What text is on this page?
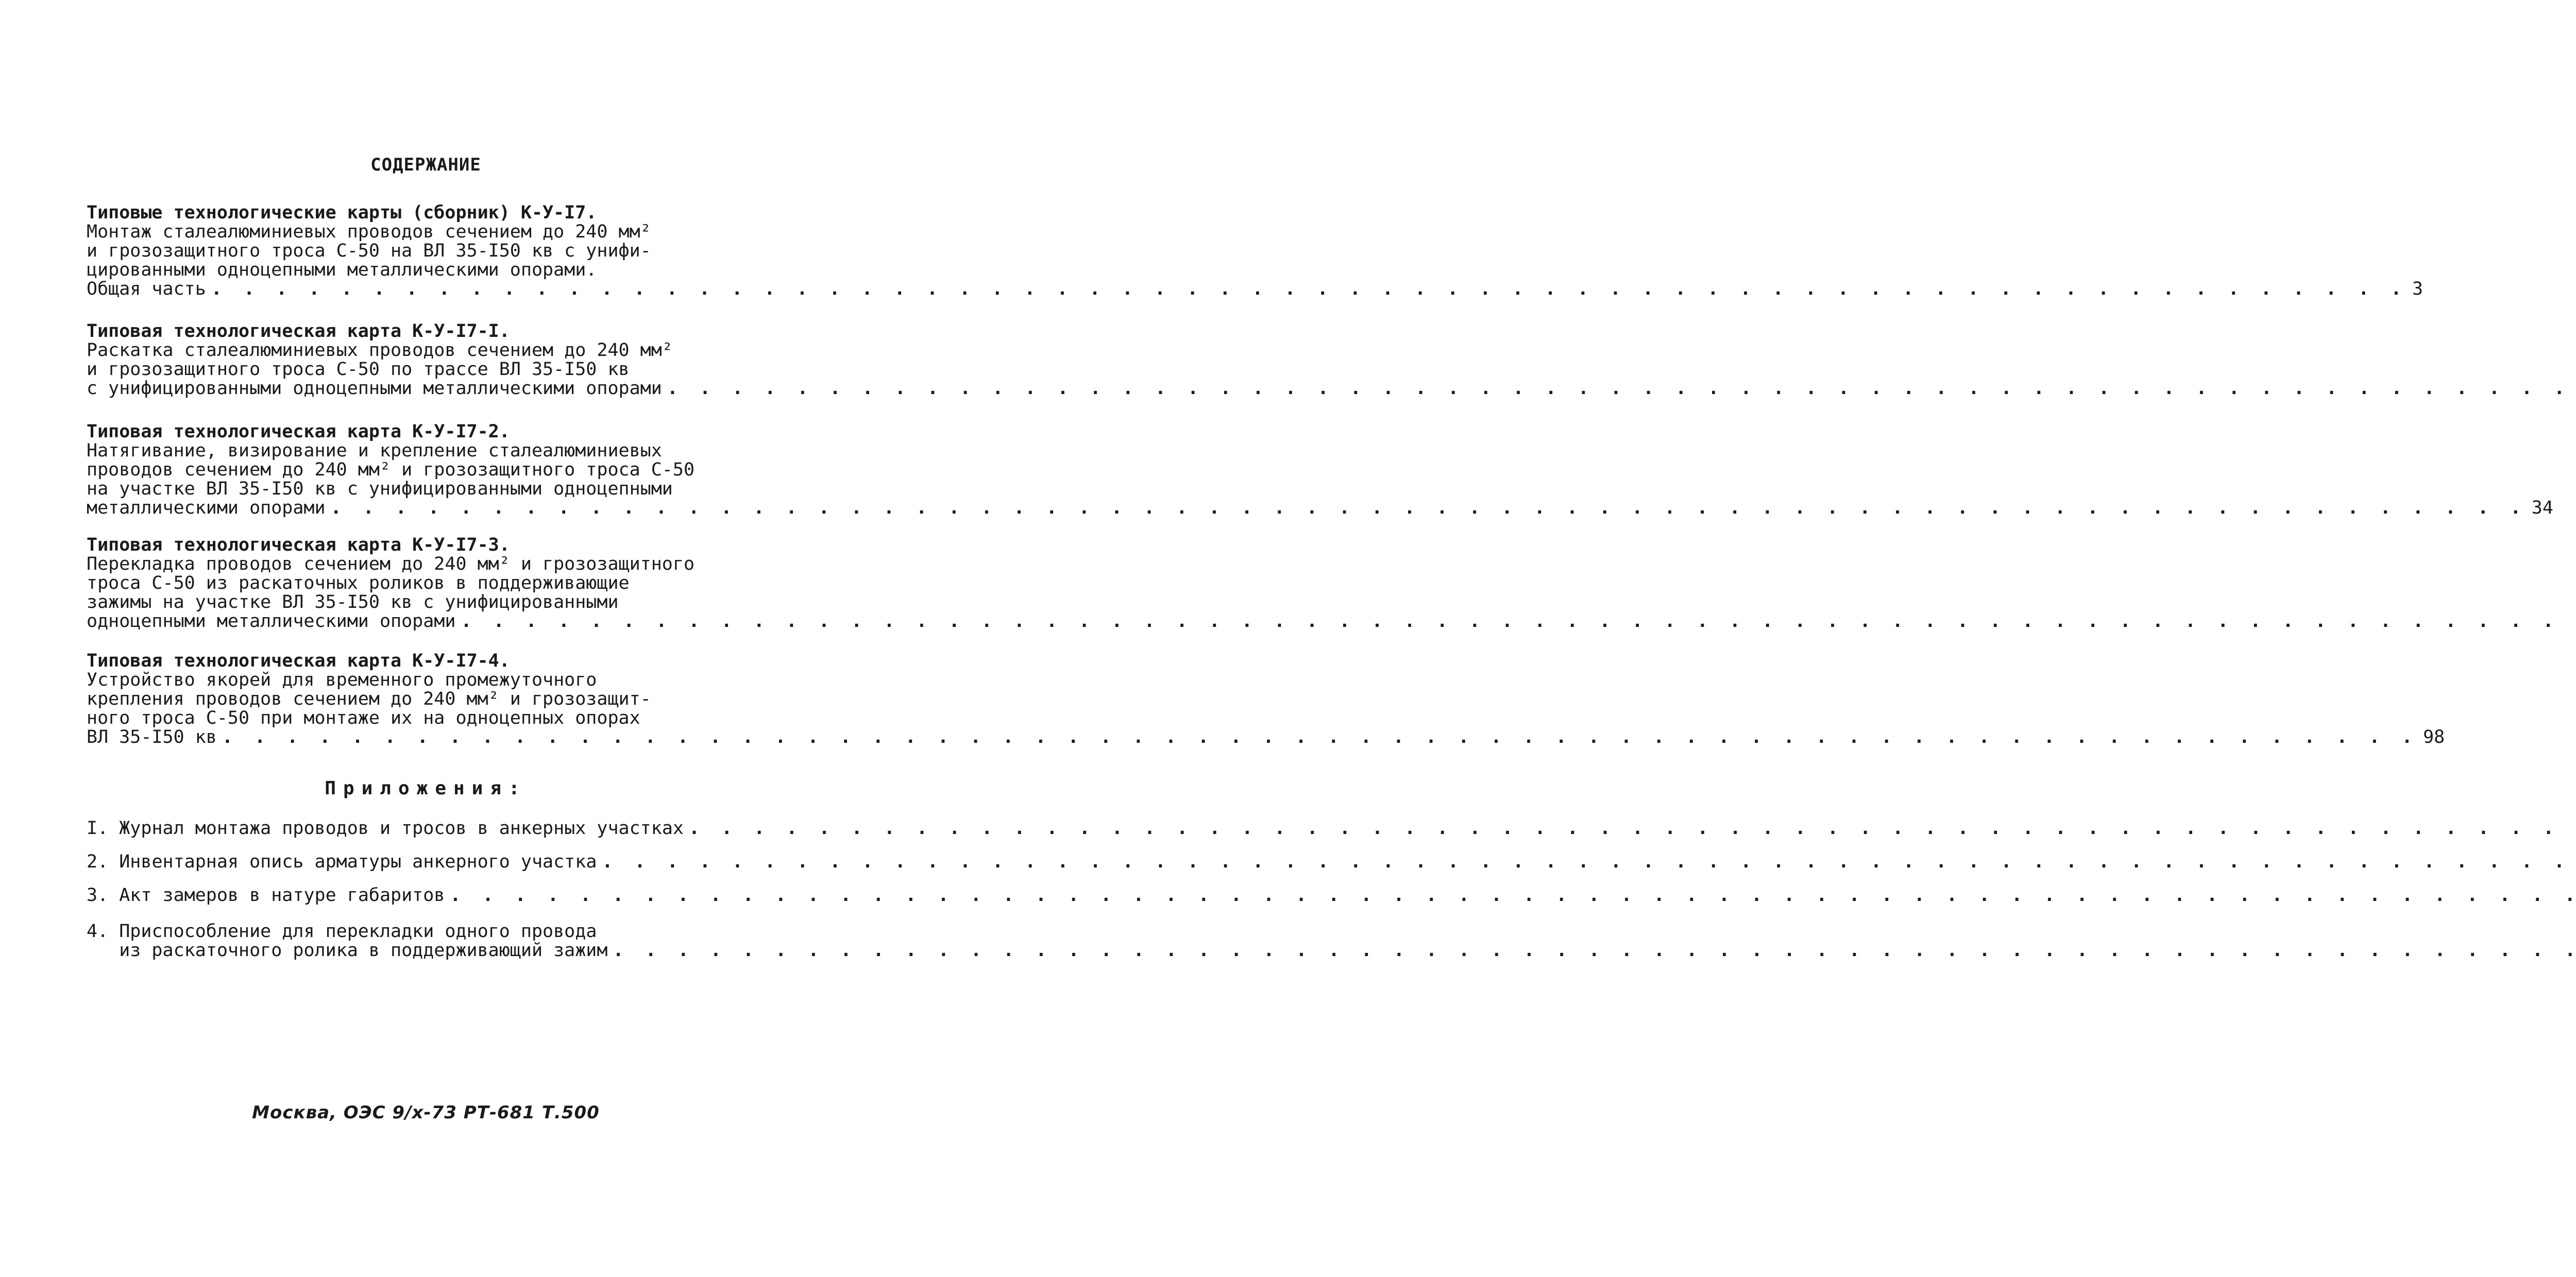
СОДЕРЖАНИЕ
Типовые технологические карты (сборник) К-У-I7.
Монтаж сталеалюминиевых проводов сечением до 240 мм²
и грозозащитного троса С-50 на ВЛ 35-I50 кв с унифи-
цированными одноцепными металлическими опорами.
Общая часть . . .	3
Типовая технологическая карта К-У-I7-I.
Раскатка сталеалюминиевых проводов сечением до 240 мм²
и грозозащитного троса С-50 по трассе ВЛ 35-I50 кв
с унифицированными одноцепными металлическими опорами. . .
Типовая технологическая карта К-У-I7-2.
Натягивание, визирование и крепление сталеалюминиевых
проводов сечением до 240 мм² и грозозащитного троса С-50
на участке ВЛ 35-I50 кв с унифицированными одноцепными
металлическими опорами . . .	34
Типовая технологическая карта К-У-I7-3.
Перекладка проводов сечением до 240 мм² и грозозащитного
троса С-50 из раскаточных роликов в поддерживающие
зажимы на участке ВЛ 35-I50 кв с унифицированными
одноцепными металлическими опорами. . .
Типовая технологическая карта К-У-I7-4.
Устройство якорей для временного промежуточного
крепления проводов сечением до 240 мм² и грозозащит-
ного троса С-50 при монтаже их на одноцепных опорах
ВЛ 35-I50 кв . . .	98
Приложения:
I. Журнал монтажа проводов и тросов в анкерных участках. . .
2. Инвентарная опись арматуры анкерного участка. . .
3. Акт замеров в натуре габаритов. . .
4. Приспособление для перекладки одного провода
из раскаточного ролика в поддерживающий зажим. . .
Москва, ОЭС 9/х-73 РТ-681 Т.500
